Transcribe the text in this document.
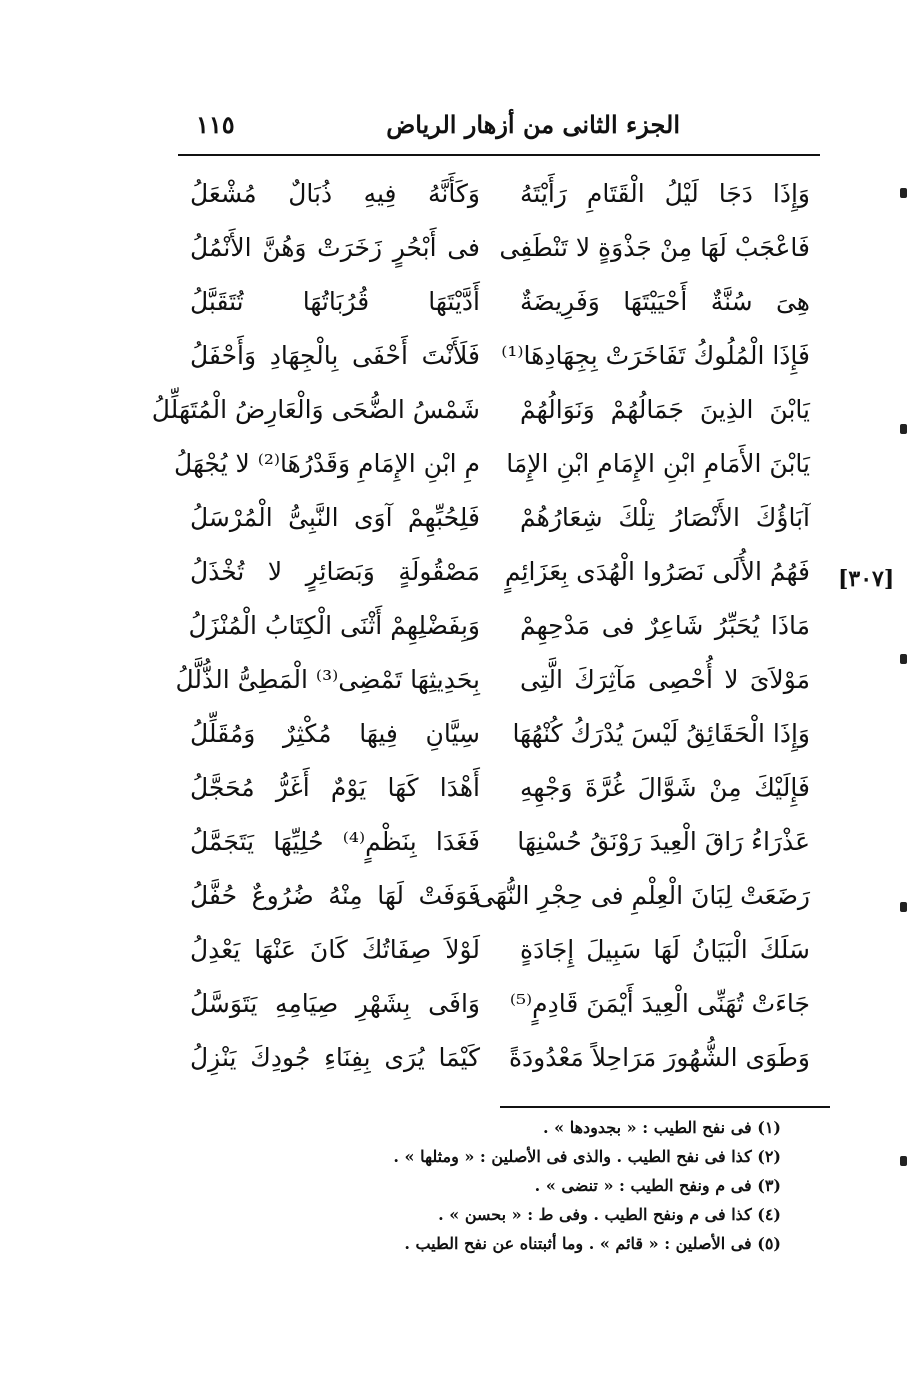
الجزء الثانى من أزهار الرياض
١١٥
[٣٠٧]
وَإِذَا دَجَا لَيْلُ الْقَتَامِ رَأَيْتَهُ
وَكَأَنَّهُ فِيهِ ذُبَالٌ مُشْعَلُ
فَاعْجَبْ لَهَا مِنْ جَذْوَةٍ لا تَنْطَفِى
فى أَبْحُرٍ زَخَرَتْ وَهُنَّ الأَنْمُلُ
هِىَ سُنَّةٌ أَحْيَيْتَهَا وَفَرِيضَةٌ
أَدَّيْتَهَا قُرُبَاتُهَا تُتَقَبَّلُ
فَإِذَا الْمُلُوكُ تَفَاخَرَتْ بِجِهَادِهَا⁽¹⁾
فَلَأَنْتَ أَحْفَى بِالْجِهَادِ وَأَحْفَلُ
يَابْنَ الذِينَ جَمَالُهُمْ وَنَوَالُهُمْ
شَمْسُ الضُّحَى وَالْعَارِضُ الْمُتَهَلِّلُ
يَابْنَ الأَمَامِ ابْنِ الإِمَامِ ابْنِ الإِمَا
مِ ابْنِ الإِمَامِ وَقَدْرُهَا⁽²⁾ لا يُجْهَلُ
آبَاؤُكَ الأَنْصَارُ تِلْكَ شِعَارُهُمْ
فَلِحُبِّهِمْ آوَى النَّبِىُّ الْمُرْسَلُ
فَهُمُ الأُلَى نَصَرُوا الْهُدَى بِعَزَائِمٍ
مَصْقُولَةٍ وَبَصَائِرٍ لا تُخْذَلُ
مَاذَا يُحَبِّرُ شَاعِرٌ فى مَدْحِهِمْ
وَبِفَضْلِهِمْ أَثْنَى الْكِتَابُ الْمُنْزَلُ
مَوْلاَىَ لا أُحْصِى مَآثِرَكَ الَّتِى
بِحَدِيثِهَا تَمْضِى⁽³⁾ الْمَطِىُّ الذُّلَّلُ
وَإِذَا الْحَقَائِقُ لَيْسَ يُدْرَكُ كُنْهُهَا
سِيَّانِ فِيهَا مُكْثِرٌ وَمُقَلِّلُ
فَإِلَيْكَ مِنْ شَوَّالَ غُرَّةَ وَجْهِهِ
أَهْدَا كَهَا يَوْمٌ أَغَرُّ مُحَجَّلُ
عَذْرَاءُ رَاقَ الْعِيدَ رَوْنَقُ حُسْنِهَا
فَغَدَا بِنَظْمٍ⁽⁴⁾ حُلِيِّهَا يَتَجَمَّلُ
رَضَعَتْ لِبَانَ الْعِلْمِ فى حِجْرِ النُّهَى
فَوَفَتْ لَهَا مِنْهُ ضُرُوعٌ حُفَّلُ
سَلَكَ الْبَيَانُ لَهَا سَبِيلَ إِجَادَةٍ
لَوْلاَ صِفَاتُكَ كَانَ عَنْهَا يَعْدِلُ
جَاءَتْ تُهَنِّى الْعِيدَ أَيْمَنَ قَادِمٍ⁽⁵⁾
وَافَى بِشَهْرِ صِيَامِهِ يَتَوَسَّلُ
وَطَوَى الشُّهُورَ مَرَاحِلاً مَعْدُودَةً
كَيْمَا يُرَى بِفِنَاءِ جُودِكَ يَنْزِلُ
(١) فى نفح الطيب : « بجدودها » .
(٢) كذا فى نفح الطيب . والذى فى الأصلين : « ومثلها » .
(٣) فى م ونفح الطيب : « تنضى » .
(٤) كذا فى م ونفح الطيب . وفى ط : « بحسن » .
(٥) فى الأصلين : « قائم » . وما أثبتناه عن نفح الطيب .
